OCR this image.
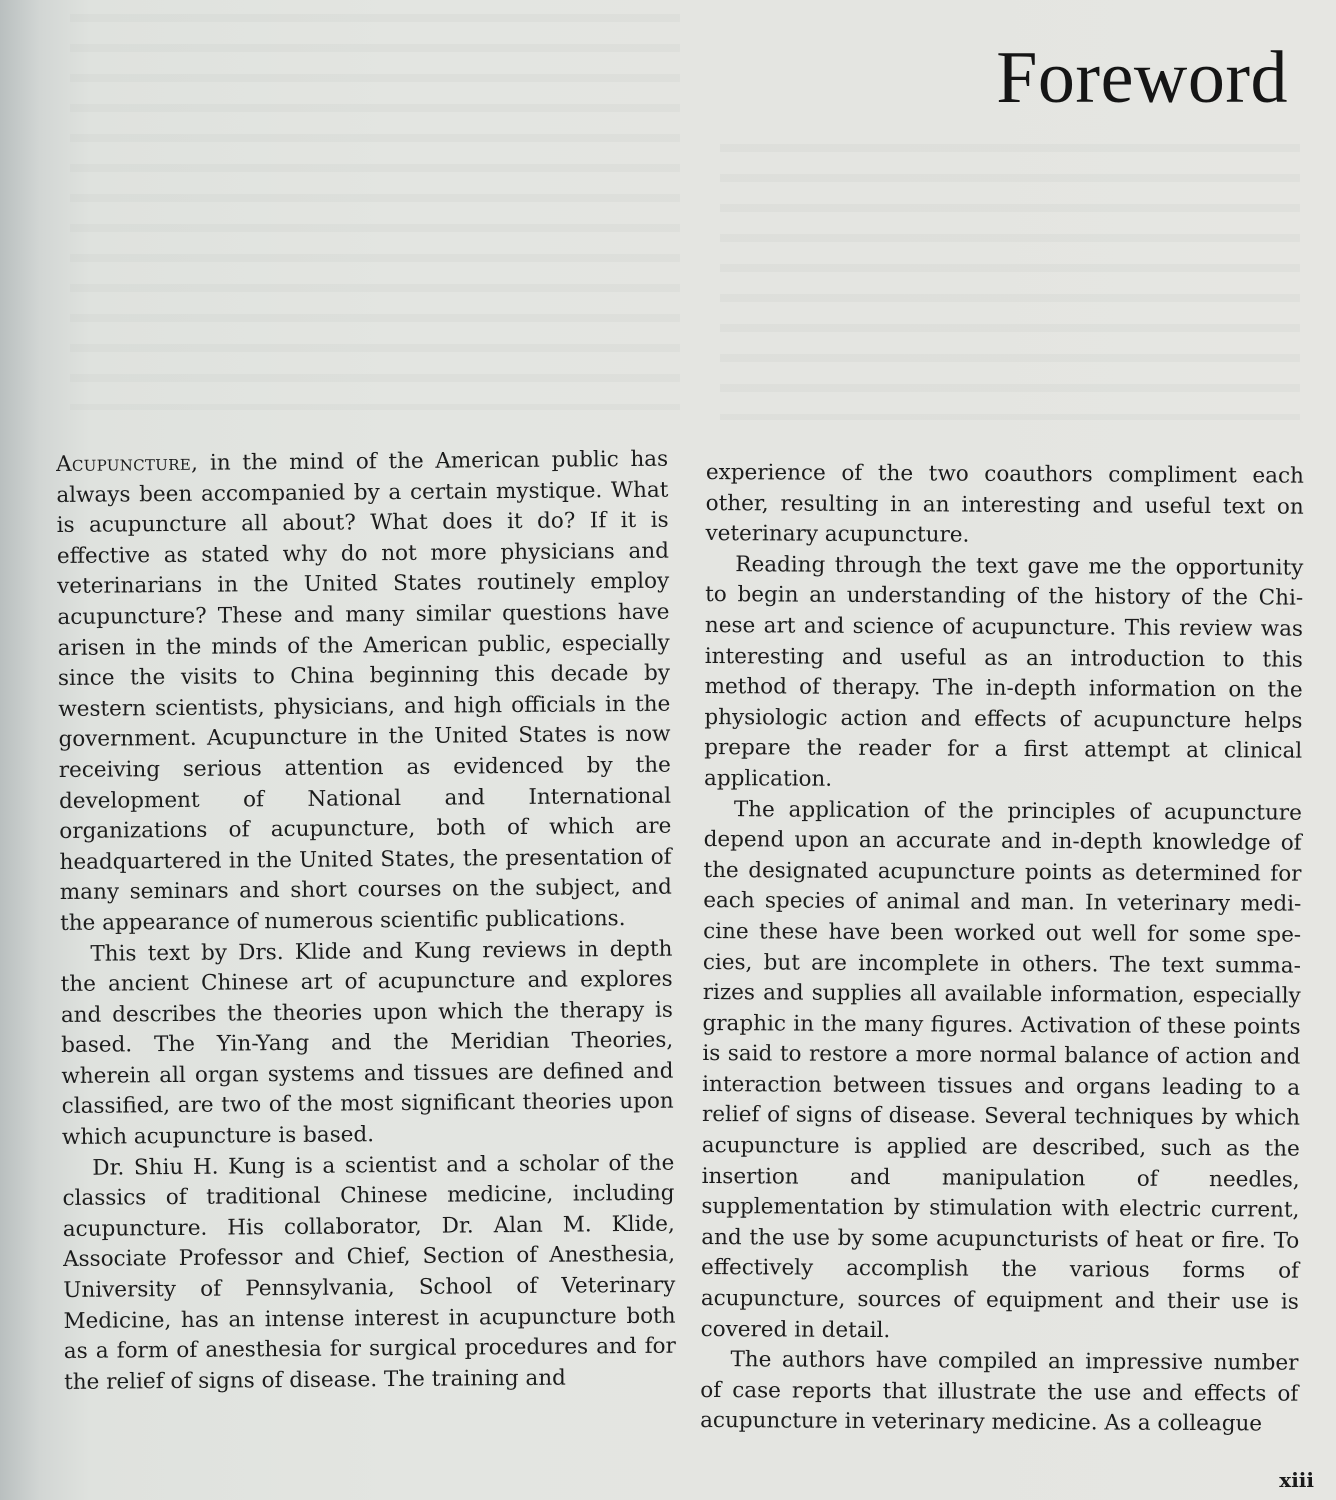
Foreword

Acupuncture, in the mind of the American public has always been accompanied by a certain mystique. What is acupuncture all about? What does it do? If it is effective as stated why do not more physicians and veterinarians in the United States routinely employ acupuncture? These and many similar questions have arisen in the minds of the American public, especially since the visits to China beginning this decade by western scientists, physicians, and high officials in the government. Acupuncture in the United States is now receiving serious attention as evidenced by the development of National and International organizations of acupuncture, both of which are headquartered in the United States, the presentation of many seminars and short courses on the subject, and the appearance of numerous scientific publications.

This text by Drs. Klide and Kung reviews in depth the ancient Chinese art of acupuncture and explores and describes the theories upon which the therapy is based. The Yin-Yang and the Meridian Theories, wherein all organ systems and tissues are defined and classified, are two of the most significant theories upon which acupuncture is based.

Dr. Shiu H. Kung is a scientist and a scholar of the classics of traditional Chinese medicine, including acupuncture. His collaborator, Dr. Alan M. Klide, Associate Professor and Chief, Section of Anesthesia, University of Pennsylvania, School of Veterinary Medicine, has an intense interest in acupuncture both as a form of anesthesia for surgical procedures and for the relief of signs of disease. The training and

experience of the two coauthors compliment each other, resulting in an interesting and useful text on veterinary acupuncture.

Reading through the text gave me the opportunity to begin an understanding of the history of the Chinese art and science of acupuncture. This review was interesting and useful as an introduction to this method of therapy. The in-depth information on the physiologic action and effects of acupuncture helps prepare the reader for a first attempt at clinical application.

The application of the principles of acupuncture depend upon an accurate and in-depth knowledge of the designated acupuncture points as determined for each species of animal and man. In veterinary medicine these have been worked out well for some species, but are incomplete in others. The text summarizes and supplies all available information, especially graphic in the many figures. Activation of these points is said to restore a more normal balance of action and interaction between tissues and organs leading to a relief of signs of disease. Several techniques by which acupuncture is applied are described, such as the insertion and manipulation of needles, supplementation by stimulation with electric current, and the use by some acupuncturists of heat or fire. To effectively accomplish the various forms of acupuncture, sources of equipment and their use is covered in detail.

The authors have compiled an impressive number of case reports that illustrate the use and effects of acupuncture in veterinary medicine. As a colleague

xiii
